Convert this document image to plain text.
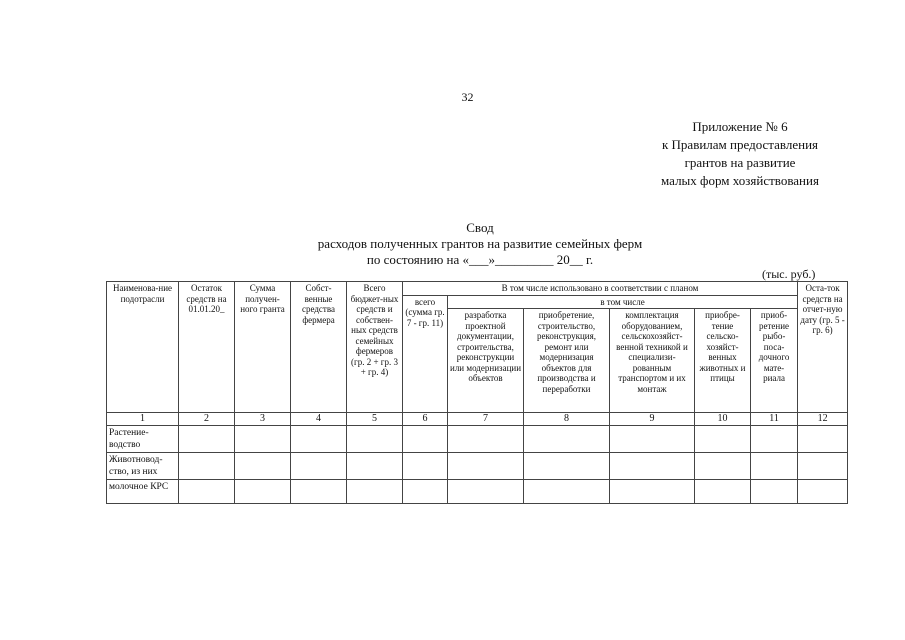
32
Приложение № 6
к Правилам предоставления
грантов на развитие
малых форм хозяйствования
Свод
расходов полученных грантов на развитие семейных ферм
по состоянию на «___»_________ 20__ г.
(тыс. руб.)
Наименова-ние подотрасли	Остаток средств на 01.01.20_	Сумма получен-ного гранта	Собст-венные средства фермера	Всего бюджет-ных средств и собствен-ных средств семейных фермеров (гр. 2 + гр. 3 + гр. 4)	В том числе использовано в соответствии с планом						Оста-ток средств на отчет-ную дату (гр. 5 - гр. 6)
					всего (сумма гр. 7 - гр. 11)	в том числе					
						разработка проектной документации, строительства, реконструкции или модернизации объектов	приобретение, строительство, реконструкция, ремонт или модернизация объектов для производства и переработки	комплектация оборудованием, сельскохозяйст-венной техникой и специализи-рованным транспортом и их монтаж	приобре-тение сельско-хозяйст-венных животных и птицы	приоб-ретение рыбо-поса-дочного мате-риала	
1	2	3	4	5	6	7	8	9	10	11	12
Растение-водство											
Животновод-ство, из них											
молочное КРС											
